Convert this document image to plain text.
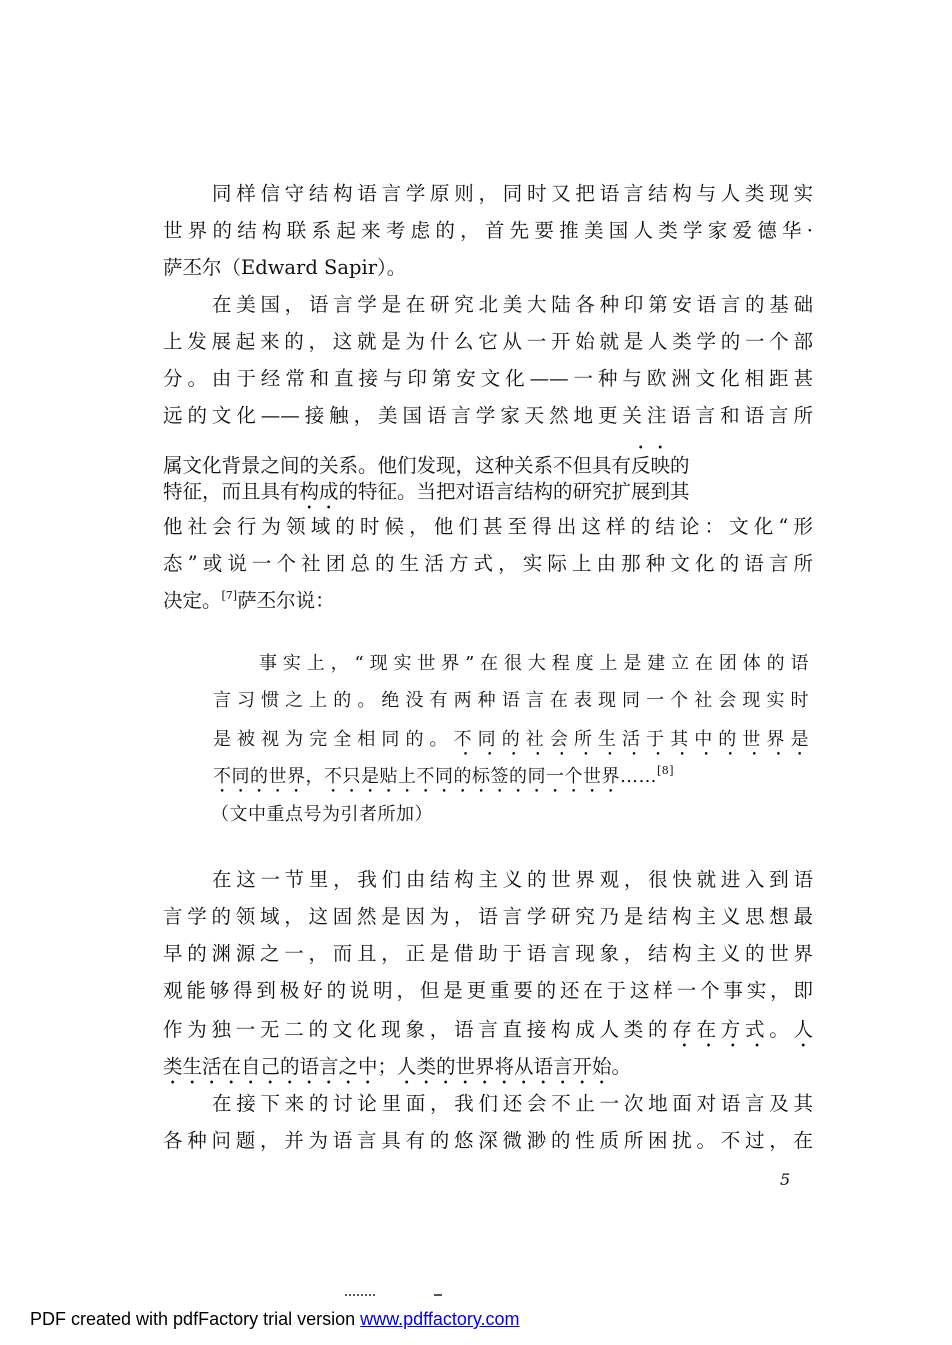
同样信守结构语言学原则，同时又把语言结构与人类现实
世界的结构联系起来考虑的，首先要推美国人类学家爱德华·
萨丕尔（Edward Sapir）。
在美国，语言学是在研究北美大陆各种印第安语言的基础
上发展起来的，这就是为什么它从一开始就是人类学的一个部
分。由于经常和直接与印第安文化——一种与欧洲文化相距甚
远的文化——接触，美国语言学家天然地更关注语言和语言所
属文化背景之间的关系。他们发现，这种关系不但具有反映的
特征，而且具有构成的特征。当把对语言结构的研究扩展到其
他社会行为领域的时候，他们甚至得出这样的结论：文化“形
态”或说一个社团总的生活方式，实际上由那种文化的语言所
决定。[7]萨丕尔说：
事实上，“现实世界”在很大程度上是建立在团体的语
言习惯之上的。绝没有两种语言在表现同一个社会现实时
是被视为完全相同的。不同的社会所生活于其中的世界是
不同的世界，不只是贴上不同的标签的同一个世界……[8]
（文中重点号为引者所加）
在这一节里，我们由结构主义的世界观，很快就进入到语
言学的领域，这固然是因为，语言学研究乃是结构主义思想最
早的渊源之一，而且，正是借助于语言现象，结构主义的世界
观能够得到极好的说明，但是更重要的还在于这样一个事实，即
作为独一无二的文化现象，语言直接构成人类的存在方式。人
类生活在自己的语言之中；人类的世界将从语言开始。
在接下来的讨论里面，我们还会不止一次地面对语言及其
各种问题，并为语言具有的悠深微渺的性质所困扰。不过，在
5
PDF created with pdfFactory trial version www.pdffactory.com
